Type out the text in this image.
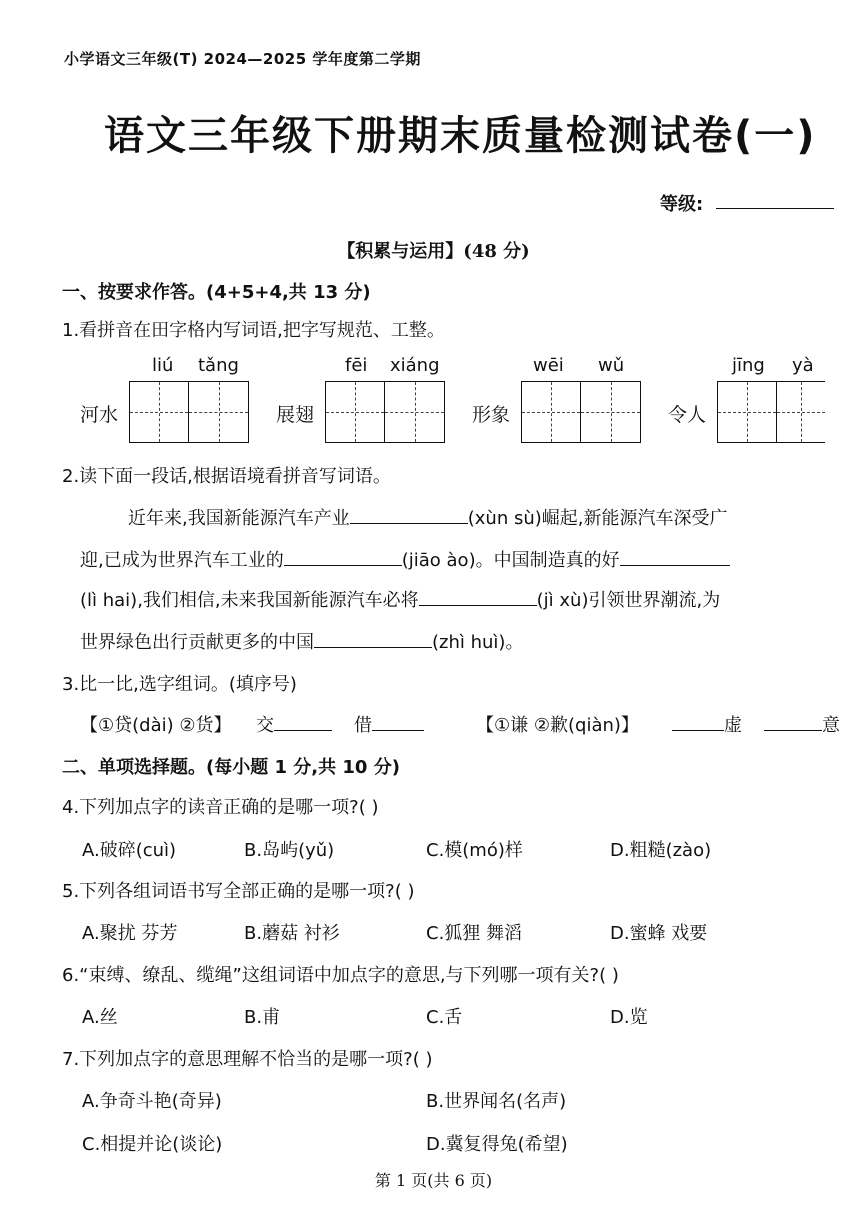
小学语文三年级(T) 2024—2025 学年度第二学期
语文三年级下册期末质量检测试卷(一)
等级:
【积累与运用】(48 分)
一、按要求作答。(4+5+4,共 13 分)
1.看拼音在田字格内写词语,把字写规范、工整。
liú tǎng
河水
fēi xiáng
展翅
wēi wǔ
形象
jīng yà
令人
2.读下面一段话,根据语境看拼音写词语。
近年来,我国新能源汽车产业	(xùn sù)崛起,新能源汽车深受广
迎,已成为世界汽车工业的	(jiāo ào)。中国制造真的好
(lì hai),我们相信,未来我国新能源汽车必将	(jì xù)引领世界潮流,为
世界绿色出行贡献更多的中国	(zhì huì)。
3.比一比,选字组词。(填序号)
【①贷(dài) ②货】 交	借	【①谦 ②歉(qiàn)】	虚	意
二、单项选择题。(每小题 1 分,共 10 分)
4.下列加点字的读音正确的是哪一项?( )
A.破碎(cuì)	B.岛屿(yǔ)	C.模(mó)样	D.粗糙(zào)
5.下列各组词语书写全部正确的是哪一项?( )
A.聚扰 芬芳	B.蘑菇 衬衫	C.狐狸 舞滔	D.蜜蜂 戏要
6.“束缚、缭乱、缆绳”这组词语中加点字的意思,与下列哪一项有关?( )
A.丝	B.甫	C.舌	D.览
7.下列加点字的意思理解不恰当的是哪一项?( )
A.争奇斗艳(奇异)	B.世界闻名(名声)
C.相提并论(谈论)	D.冀复得兔(希望)
第 1 页(共 6 页)
